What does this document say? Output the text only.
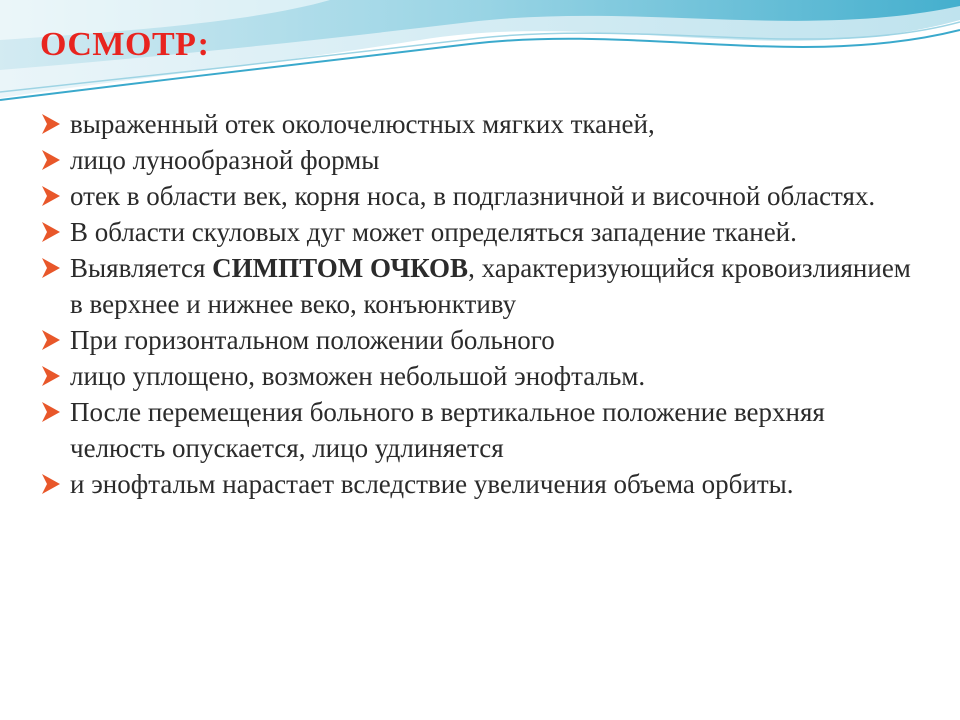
ОСМОТР:
выраженный отек околочелюстных мягких тканей,
лицо лунообразной формы
отек в области век, корня носа, в подглазничной и височной областях.
В области скуловых дуг может определяться западение тканей.
Выявляется СИМПТОМ ОЧКОВ, характеризующийся кровоизлиянием в верхнее и нижнее веко, конъюнктиву
При горизонтальном положении больного
лицо уплощено, возможен небольшой энофтальм.
После перемещения больного в вертикальное положение верхняя челюсть опускается, лицо удлиняется
и энофтальм нарастает вследствие увеличения объема орбиты.
